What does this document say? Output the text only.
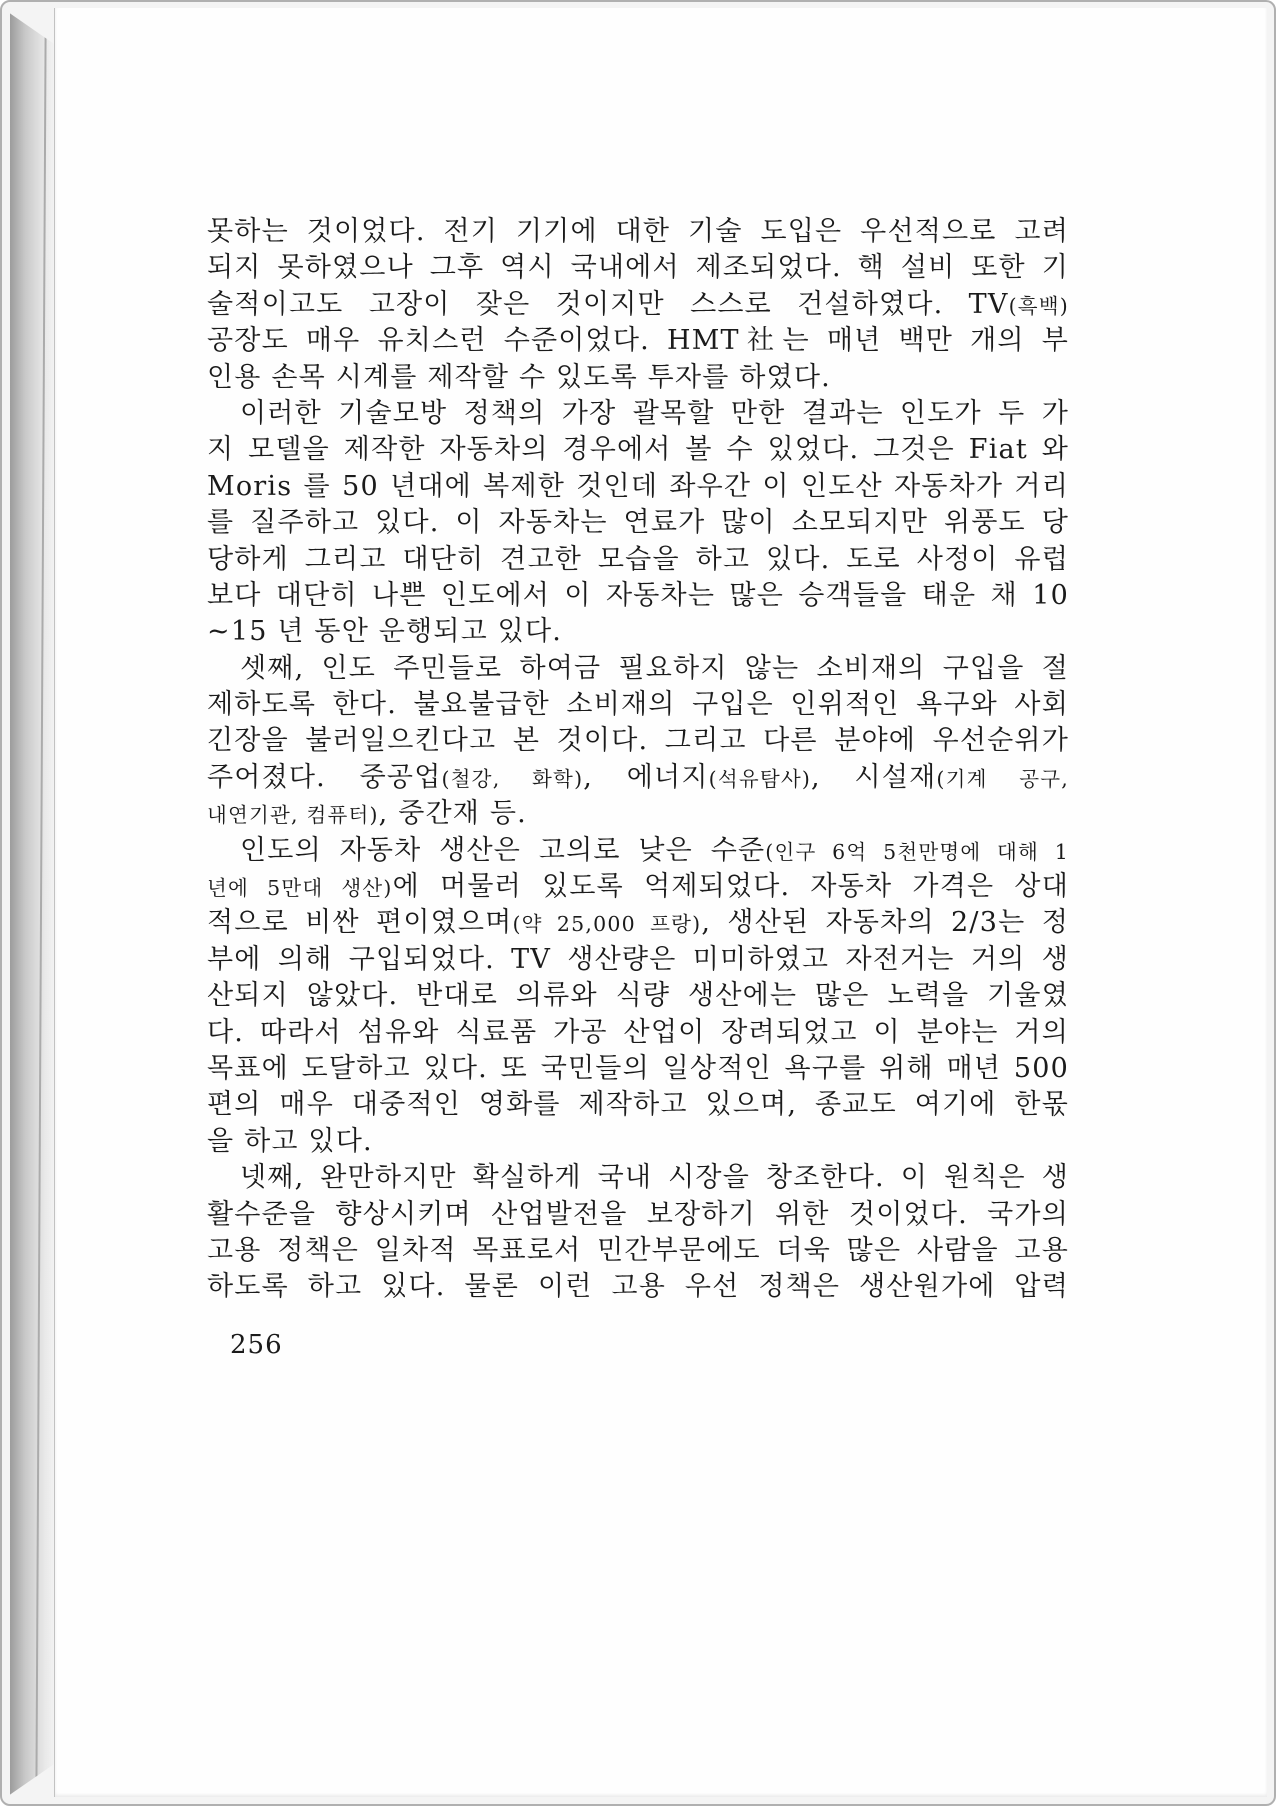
못하는 것이었다. 전기 기기에 대한 기술 도입은 우선적으로 고려
되지 못하였으나 그후 역시 국내에서 제조되었다. 핵 설비 또한 기
술적이고도 고장이 잦은 것이지만 스스로 건설하였다. TV(흑백)
공장도 매우 유치스런 수준이었다. HMT社는 매년 백만 개의 부
인용 손목 시계를 제작할 수 있도록 투자를 하였다.
이러한 기술모방 정책의 가장 괄목할 만한 결과는 인도가 두 가
지 모델을 제작한 자동차의 경우에서 볼 수 있었다. 그것은 Fiat 와
Moris 를 50 년대에 복제한 것인데 좌우간 이 인도산 자동차가 거리
를 질주하고 있다. 이 자동차는 연료가 많이 소모되지만 위풍도 당
당하게 그리고 대단히 견고한 모습을 하고 있다. 도로 사정이 유럽
보다 대단히 나쁜 인도에서 이 자동차는 많은 승객들을 태운 채 10
~15 년 동안 운행되고 있다.
셋째, 인도 주민들로 하여금 필요하지 않는 소비재의 구입을 절
제하도록 한다. 불요불급한 소비재의 구입은 인위적인 욕구와 사회
긴장을 불러일으킨다고 본 것이다. 그리고 다른 분야에 우선순위가
주어졌다. 중공업(철강, 화학), 에너지(석유탐사), 시설재(기계 공구,
내연기관, 컴퓨터), 중간재 등.
인도의 자동차 생산은 고의로 낮은 수준(인구 6억 5천만명에 대해 1
년에 5만대 생산)에 머물러 있도록 억제되었다. 자동차 가격은 상대
적으로 비싼 편이였으며(약 25,000 프랑), 생산된 자동차의 2/3는 정
부에 의해 구입되었다. TV 생산량은 미미하였고 자전거는 거의 생
산되지 않았다. 반대로 의류와 식량 생산에는 많은 노력을 기울였
다. 따라서 섬유와 식료품 가공 산업이 장려되었고 이 분야는 거의
목표에 도달하고 있다. 또 국민들의 일상적인 욕구를 위해 매년 500
편의 매우 대중적인 영화를 제작하고 있으며, 종교도 여기에 한몫
을 하고 있다.
넷째, 완만하지만 확실하게 국내 시장을 창조한다. 이 원칙은 생
활수준을 향상시키며 산업발전을 보장하기 위한 것이었다. 국가의
고용 정책은 일차적 목표로서 민간부문에도 더욱 많은 사람을 고용
하도록 하고 있다. 물론 이런 고용 우선 정책은 생산원가에 압력
256
